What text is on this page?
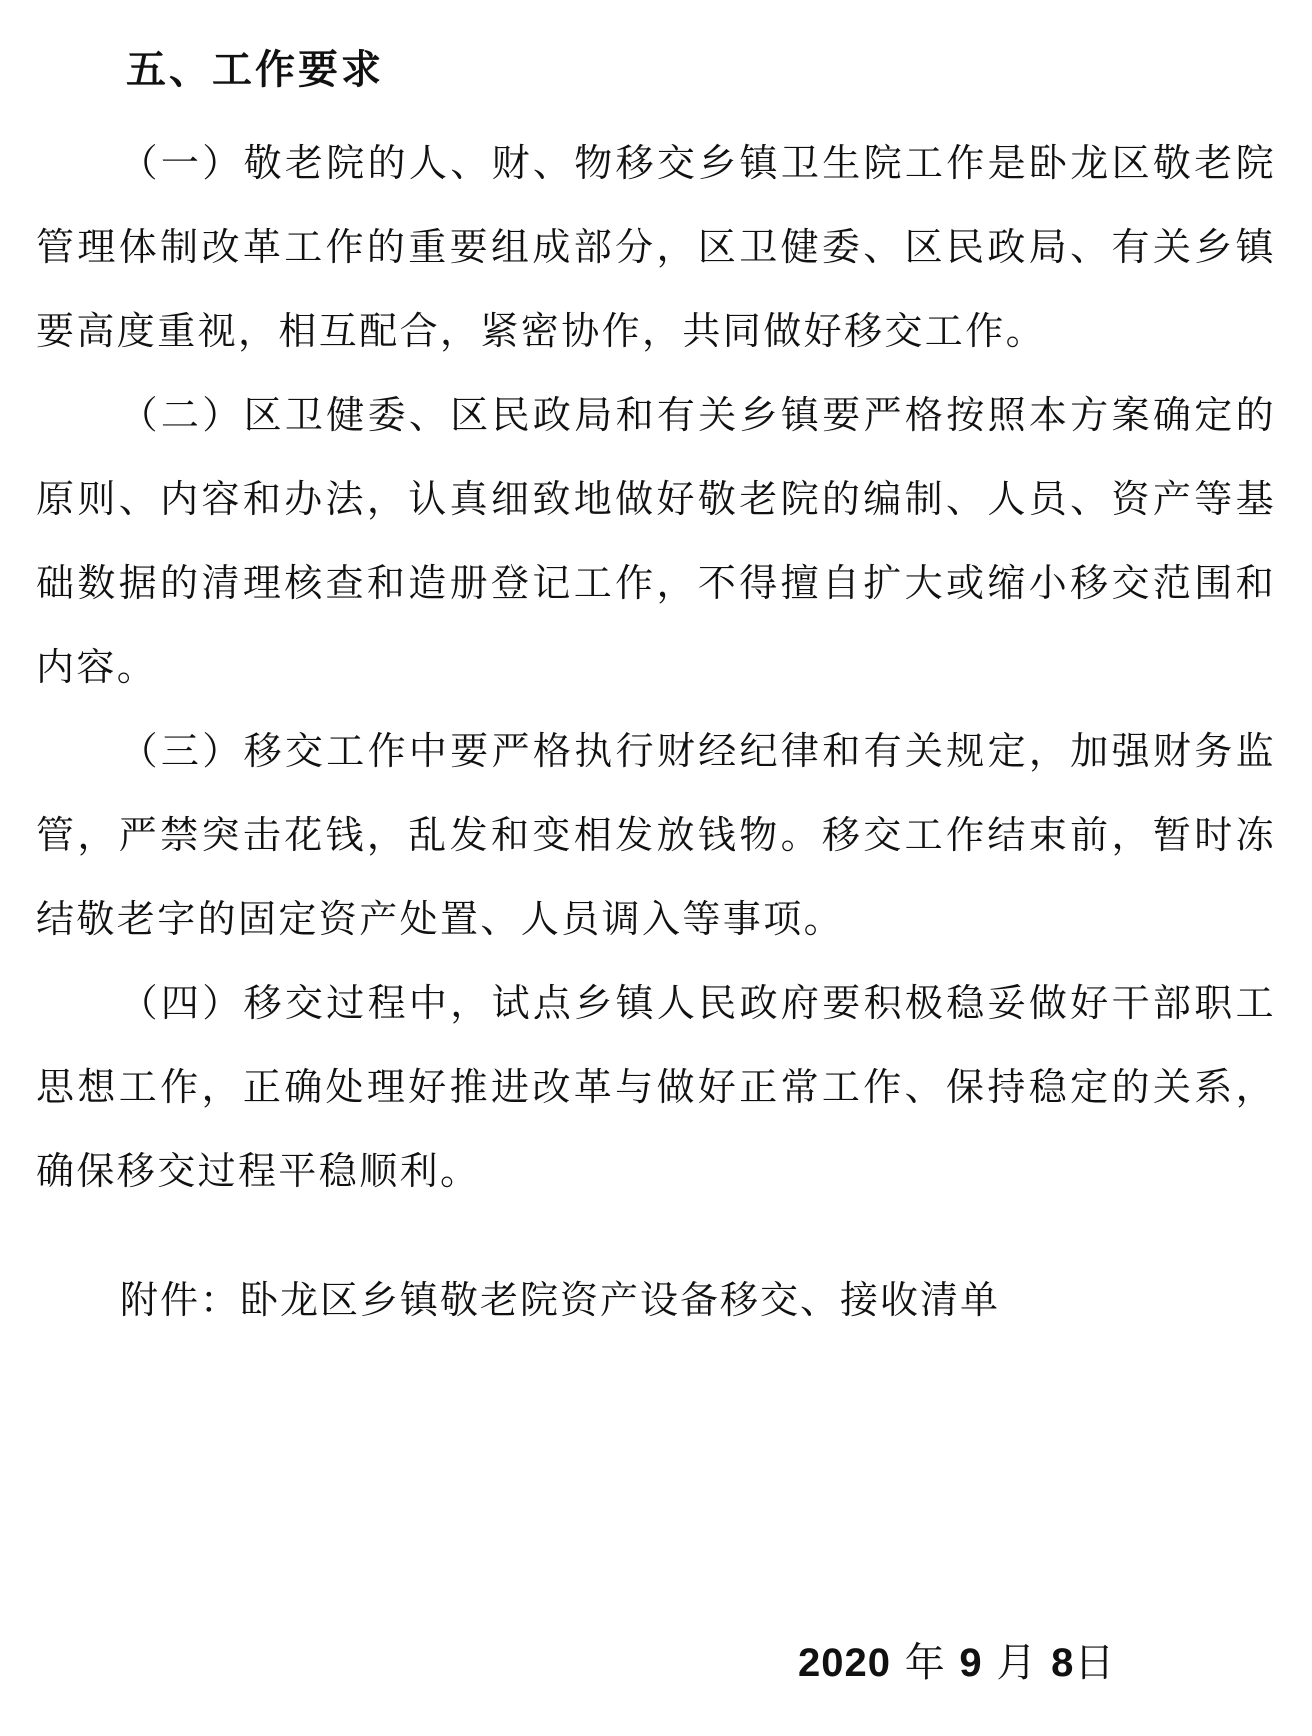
五、工作要求

（一）敬老院的人、财、物移交乡镇卫生院工作是卧龙区敬老院管理体制改革工作的重要组成部分，区卫健委、区民政局、有关乡镇要高度重视，相互配合，紧密协作，共同做好移交工作。

（二）区卫健委、区民政局和有关乡镇要严格按照本方案确定的原则、内容和办法，认真细致地做好敬老院的编制、人员、资产等基础数据的清理核查和造册登记工作，不得擅自扩大或缩小移交范围和内容。

（三）移交工作中要严格执行财经纪律和有关规定，加强财务监管，严禁突击花钱，乱发和变相发放钱物。移交工作结束前，暂时冻结敬老字的固定资产处置、人员调入等事项。

（四）移交过程中，试点乡镇人民政府要积极稳妥做好干部职工思想工作，正确处理好推进改革与做好正常工作、保持稳定的关系，确保移交过程平稳顺利。

附件：卧龙区乡镇敬老院资产设备移交、接收清单

2020 年 9 月 8日
